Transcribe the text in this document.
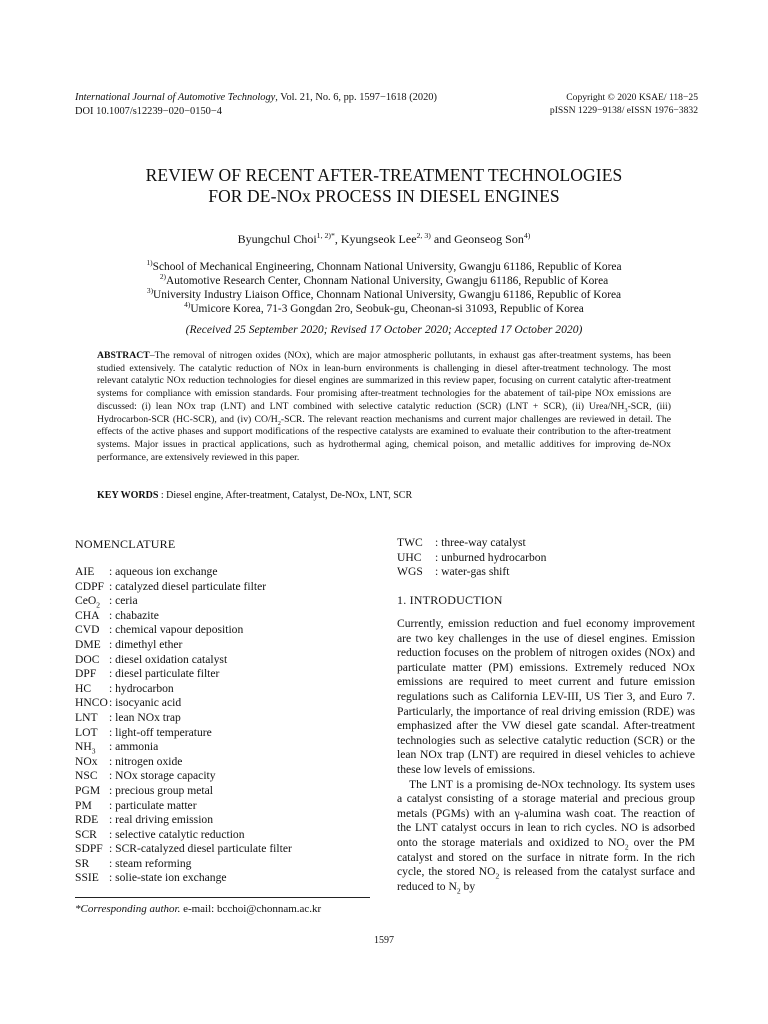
International Journal of Automotive Technology, Vol. 21, No. 6, pp. 1597−1618 (2020)
DOI 10.1007/s12239−020−0150−4
Copyright © 2020 KSAE/ 118−25
pISSN 1229−9138/ eISSN 1976−3832
REVIEW OF RECENT AFTER-TREATMENT TECHNOLOGIES
FOR DE-NOx PROCESS IN DIESEL ENGINES
Byungchul Choi$^{1, 2)*}$, Kyungseok Lee$^{2, 3)}$ and Geonseog Son$^{4)}$
$^{1)}$School of Mechanical Engineering, Chonnam National University, Gwangju 61186, Republic of Korea
$^{2)}$Automotive Research Center, Chonnam National University, Gwangju 61186, Republic of Korea
$^{3)}$University Industry Liaison Office, Chonnam National University, Gwangju 61186, Republic of Korea
$^{4)}$Umicore Korea, 71-3 Gongdan 2ro, Seobuk-gu, Cheonan-si 31093, Republic of Korea
(Received 25 September 2020; Revised 17 October 2020; Accepted 17 October 2020)
ABSTRACT–The removal of nitrogen oxides (NOx), which are major atmospheric pollutants, in exhaust gas after-treatment systems, has been studied extensively. The catalytic reduction of NOx in lean-burn environments is challenging in diesel after-treatment technology. The most relevant catalytic NOx reduction technologies for diesel engines are summarized in this review paper, focusing on current catalytic after-treatment systems for compliance with emission standards. Four promising after-treatment technologies for the abatement of tail-pipe NOx emissions are discussed: (i) lean NOx trap (LNT) and LNT combined with selective catalytic reduction (SCR) (LNT + SCR), (ii) Urea/$NH_3$-SCR, (iii) Hydrocarbon-SCR (HC-SCR), and (iv) $CO/H_2$-SCR. The relevant reaction mechanisms and current major challenges are reviewed in detail. The effects of the active phases and support modifications of the respective catalysts are examined to evaluate their contribution to the after-treatment systems. Major issues in practical applications, such as hydrothermal aging, chemical poison, and metallic additives for improving de-NOx performance, are extensively reviewed in this paper.
KEY WORDS : Diesel engine, After-treatment, Catalyst, De-NOx, LNT, SCR
NOMENCLATURE
AIE : aqueous ion exchange
CDPF : catalyzed diesel particulate filter
CeO$_2$ : ceria
CHA : chabazite
CVD : chemical vapour deposition
DME : dimethyl ether
DOC : diesel oxidation catalyst
DPF : diesel particulate filter
HC : hydrocarbon
HNCO: isocyanic acid
LNT : lean NOx trap
LOT : light-off temperature
$NH_3$ : ammonia
NOx : nitrogen oxide
NSC : NOx storage capacity
PGM : precious group metal
PM : particulate matter
RDE : real driving emission
SCR : selective catalytic reduction
SDPF : SCR-catalyzed diesel particulate filter
SR : steam reforming
SSIE : solie-state ion exchange
TWC : three-way catalyst
UHC : unburned hydrocarbon
WGS : water-gas shift
1. INTRODUCTION

Currently, emission reduction and fuel economy improvement are two key challenges in the use of diesel engines. Emission reduction focuses on the problem of nitrogen oxides (NOx) and particulate matter (PM) emissions. Extremely reduced NOx emissions are required to meet current and future emission regulations such as California LEV-III, US Tier 3, and Euro 7. Particularly, the importance of real driving emission (RDE) was emphasized after the VW diesel gate scandal. After-treatment technologies such as selective catalytic reduction (SCR) or the lean NOx trap (LNT) are required in diesel vehicles to achieve these low levels of emissions.

The LNT is a promising de-NOx technology. Its system uses a catalyst consisting of a storage material and precious group metals (PGMs) with an γ-alumina wash coat. The reaction of the LNT catalyst occurs in lean to rich cycles. NO is adsorbed onto the storage materials and oxidized to $NO_2$ over the PM catalyst and stored on the surface in nitrate form. In the rich cycle, the stored $NO_2$ is released from the catalyst surface and reduced to $N_2$ by

*Corresponding author. e-mail: bcchoi@chonnam.ac.kr
1597
